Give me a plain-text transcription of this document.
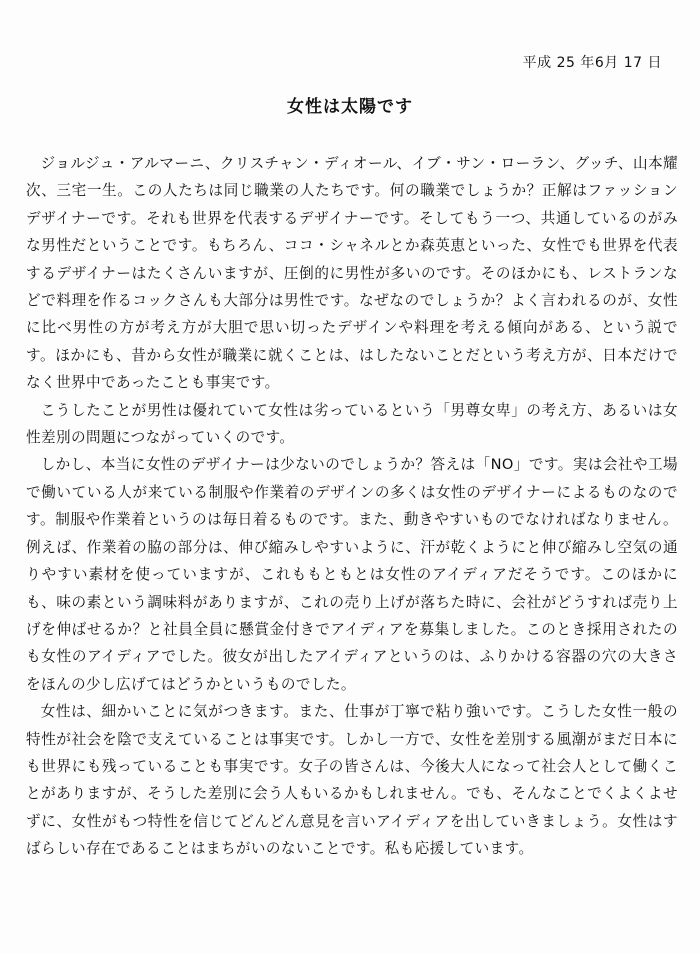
平成 25 年6月 17 日
女性は太陽です

ジョルジュ・アルマーニ、クリスチャン・ディオール、イブ・サン・ローラン、グッチ、山本耀次、三宅一生。この人たちは同じ職業の人たちです。何の職業でしょうか？正解はファッションデザイナーです。それも世界を代表するデザイナーです。そしてもう一つ、共通しているのがみな男性だということです。もちろん、ココ・シャネルとか森英恵といった、女性でも世界を代表するデザイナーはたくさんいますが、圧倒的に男性が多いのです。そのほかにも、レストランなどで料理を作るコックさんも大部分は男性です。なぜなのでしょうか？よく言われるのが、女性に比べ男性の方が考え方が大胆で思い切ったデザインや料理を考える傾向がある、という説です。ほかにも、昔から女性が職業に就くことは、はしたないことだという考え方が、日本だけでなく世界中であったことも事実です。

こうしたことが男性は優れていて女性は劣っているという「男尊女卑」の考え方、あるいは女性差別の問題につながっていくのです。

しかし、本当に女性のデザイナーは少ないのでしょうか？答えは「NO」です。実は会社や工場で働いている人が来ている制服や作業着のデザインの多くは女性のデザイナーによるものなのです。制服や作業着というのは毎日着るものです。また、動きやすいものでなければなりません。例えば、作業着の脇の部分は、伸び縮みしやすいように、汗が乾くようにと伸び縮みし空気の通りやすい素材を使っていますが、これももともとは女性のアイディアだそうです。このほかにも、味の素という調味料がありますが、これの売り上げが落ちた時に、会社がどうすれば売り上げを伸ばせるか？と社員全員に懸賞金付きでアイディアを募集しました。このとき採用されたのも女性のアイディアでした。彼女が出したアイディアというのは、ふりかける容器の穴の大きさをほんの少し広げてはどうかというものでした。

女性は、細かいことに気がつきます。また、仕事が丁寧で粘り強いです。こうした女性一般の特性が社会を陰で支えていることは事実です。しかし一方で、女性を差別する風潮がまだ日本にも世界にも残っていることも事実です。女子の皆さんは、今後大人になって社会人として働くことがありますが、そうした差別に会う人もいるかもしれません。でも、そんなことでくよくよせずに、女性がもつ特性を信じてどんどん意見を言いアイディアを出していきましょう。女性はすばらしい存在であることはまちがいのないことです。私も応援しています。
